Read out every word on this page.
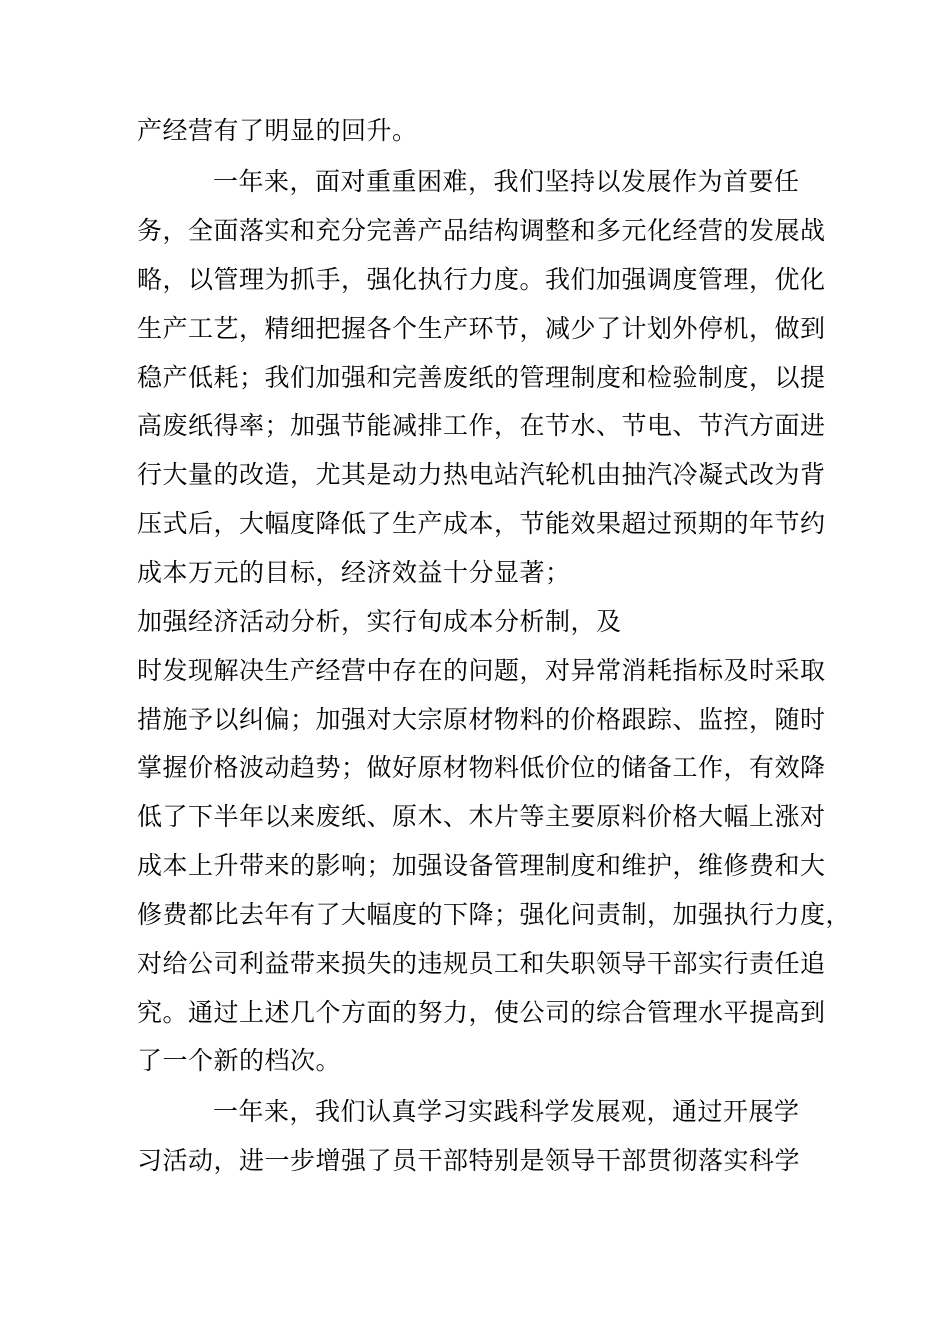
产经营有了明显的回升。
一年来，面对重重困难，我们坚持以发展作为首要任
务，全面落实和充分完善产品结构调整和多元化经营的发展战
略，以管理为抓手，强化执行力度。我们加强调度管理，优化
生产工艺，精细把握各个生产环节，减少了计划外停机，做到
稳产低耗；我们加强和完善废纸的管理制度和检验制度，以提
高废纸得率；加强节能减排工作，在节水、节电、节汽方面进
行大量的改造，尤其是动力热电站汽轮机由抽汽冷凝式改为背
压式后，大幅度降低了生产成本，节能效果超过预期的年节约
成本万元的目标，经济效益十分显著；
加强经济活动分析，实行旬成本分析制，及
时发现解决生产经营中存在的问题，对异常消耗指标及时采取
措施予以纠偏；加强对大宗原材物料的价格跟踪、监控，随时
掌握价格波动趋势；做好原材物料低价位的储备工作，有效降
低了下半年以来废纸、原木、木片等主要原料价格大幅上涨对
成本上升带来的影响；加强设备管理制度和维护，维修费和大
修费都比去年有了大幅度的下降；强化问责制，加强执行力度，
对给公司利益带来损失的违规员工和失职领导干部实行责任追
究。通过上述几个方面的努力，使公司的综合管理水平提高到
了一个新的档次。
一年来，我们认真学习实践科学发展观，通过开展学
习活动，进一步增强了员干部特别是领导干部贯彻落实科学
